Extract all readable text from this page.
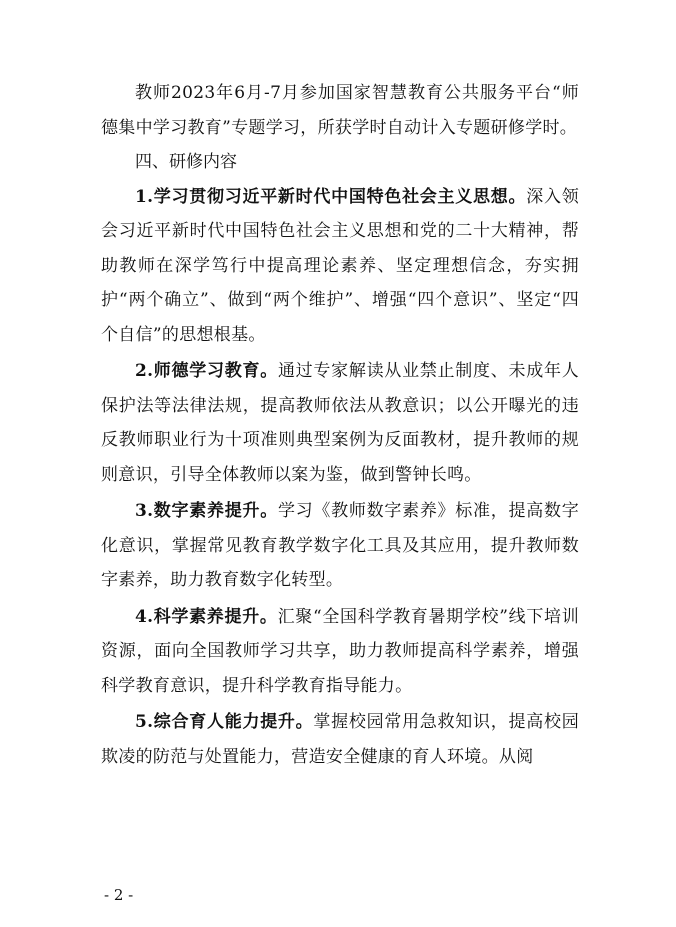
教师2023年6月-7月参加国家智慧教育公共服务平台“师德集中学习教育”专题学习，所获学时自动计入专题研修学时。

四、研修内容

1.学习贯彻习近平新时代中国特色社会主义思想。深入领会习近平新时代中国特色社会主义思想和党的二十大精神，帮助教师在深学笃行中提高理论素养、坚定理想信念，夯实拥护“两个确立”、做到“两个维护”、增强“四个意识”、坚定“四个自信”的思想根基。

2.师德学习教育。通过专家解读从业禁止制度、未成年人保护法等法律法规，提高教师依法从教意识；以公开曝光的违反教师职业行为十项准则典型案例为反面教材，提升教师的规则意识，引导全体教师以案为鉴，做到警钟长鸣。

3.数字素养提升。学习《教师数字素养》标准，提高数字化意识，掌握常见教育教学数字化工具及其应用，提升教师数字素养，助力教育数字化转型。

4.科学素养提升。汇聚“全国科学教育暑期学校”线下培训资源，面向全国教师学习共享，助力教师提高科学素养，增强科学教育意识，提升科学教育指导能力。

5.综合育人能力提升。掌握校园常用急救知识，提高校园欺凌的防范与处置能力，营造安全健康的育人环境。从阅

- 2 -
